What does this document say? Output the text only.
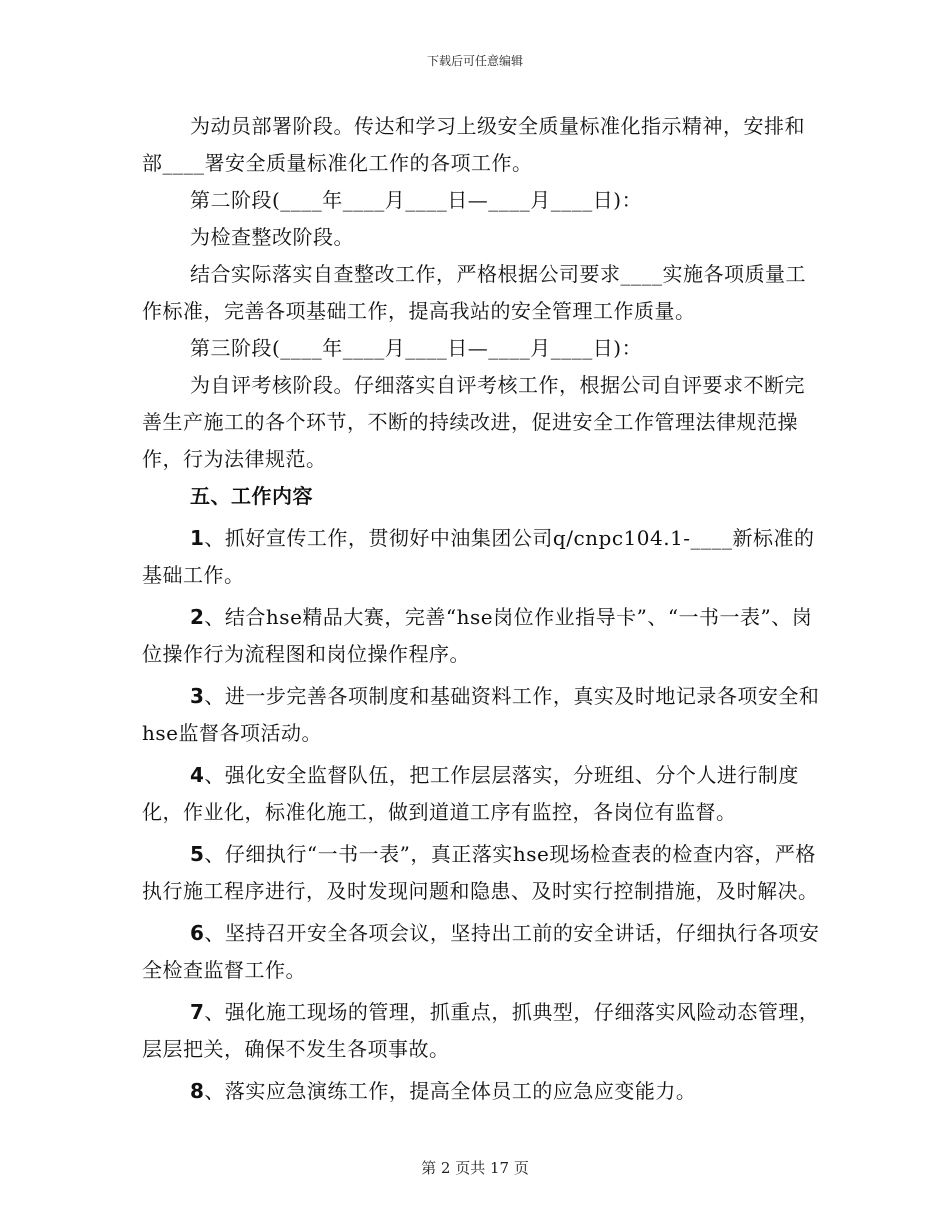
下载后可任意编辑

为动员部署阶段。传达和学习上级安全质量标准化指示精神，安排和部____署安全质量标准化工作的各项工作。

第二阶段(____年____月____日—____月____日)：

为检查整改阶段。

结合实际落实自查整改工作，严格根据公司要求____实施各项质量工作标准，完善各项基础工作，提高我站的安全管理工作质量。

第三阶段(____年____月____日—____月____日)：

为自评考核阶段。仔细落实自评考核工作，根据公司自评要求不断完善生产施工的各个环节，不断的持续改进，促进安全工作管理法律规范操作，行为法律规范。

五、工作内容

1、抓好宣传工作，贯彻好中油集团公司q/cnpc104.1-____新标准的基础工作。

2、结合hse精品大赛，完善“hse岗位作业指导卡”、“一书一表”、岗位操作行为流程图和岗位操作程序。

3、进一步完善各项制度和基础资料工作，真实及时地记录各项安全和hse监督各项活动。

4、强化安全监督队伍，把工作层层落实，分班组、分个人进行制度化，作业化，标准化施工，做到道道工序有监控，各岗位有监督。

5、仔细执行“一书一表”，真正落实hse现场检查表的检查内容，严格执行施工程序进行，及时发现问题和隐患、及时实行控制措施，及时解决。

6、坚持召开安全各项会议，坚持出工前的安全讲话，仔细执行各项安全检查监督工作。

7、强化施工现场的管理，抓重点，抓典型，仔细落实风险动态管理，层层把关，确保不发生各项事故。

8、落实应急演练工作，提高全体员工的应急应变能力。

第 2 页共 17 页
